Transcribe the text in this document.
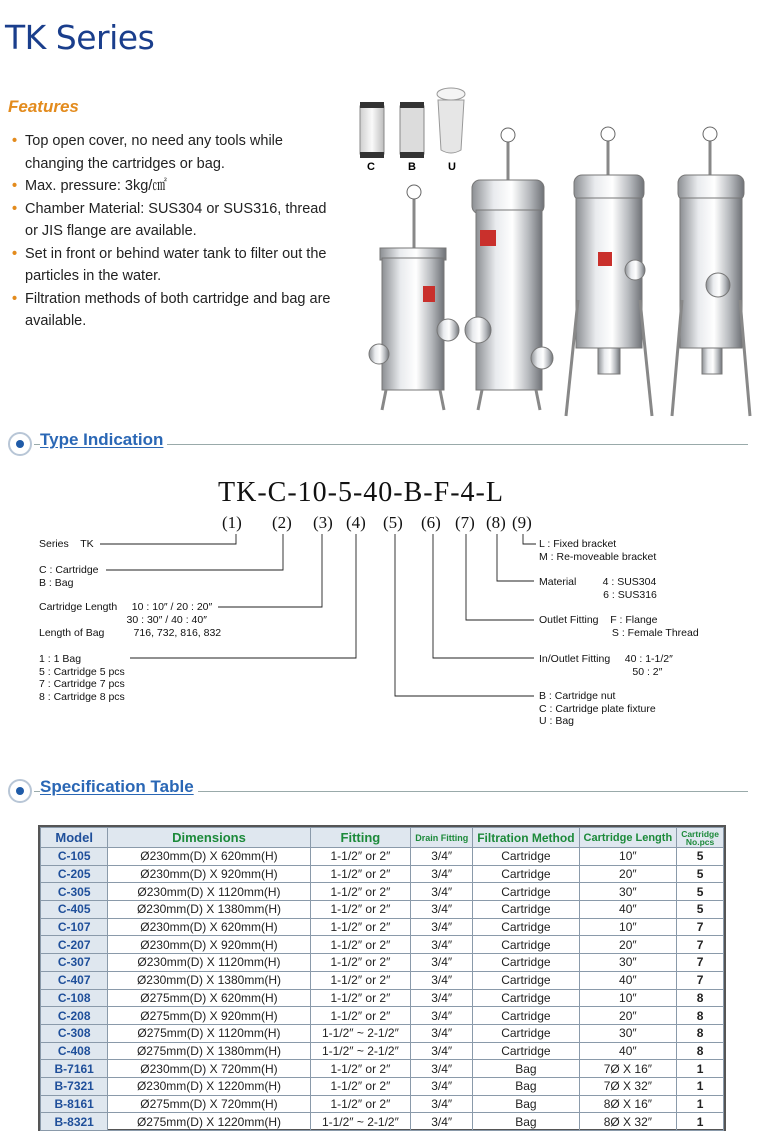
TK Series
Features
• Top open cover, no need any tools while changing the cartridges or bag.
• Max. pressure: 3kg/㎠
• Chamber Material: SUS304 or SUS316, thread or JIS flange are available.
• Set in front or behind water tank to filter out the particles in the water.
• Filtration methods of both cartridge and bag are available.
C	B	U
Type Indication
TK-C-10-5-40-B-F-4-L
(1) (2) (3) (4) (5) (6) (7) (8) (9)
Series    TK
C : Cartridge
B : Bag
Cartridge Length     10 : 10″ / 20 : 20″
30 : 30″ / 40 : 40″
Length of Bag          716, 732, 816, 832
1 : 1 Bag
5 : Cartridge 5 pcs
7 : Cartridge 7 pcs
8 : Cartridge 8 pcs
L : Fixed bracket
M : Re-moveable bracket
Material         4 : SUS304
6 : SUS316
Outlet Fitting    F : Flange
S : Female Thread
In/Outlet Fitting     40 : 1-1/2″
50 : 2″
B : Cartridge nut
C : Cartridge plate fixture
U : Bag
Specification Table
Model	Dimensions	Fitting	Drain Fitting	Filtration Method	Cartridge Length	Cartridge No.pcs
C-105	Ø230mm(D) X 620mm(H)	1-1/2″ or 2″	3/4″	Cartridge	10″	5
C-205	Ø230mm(D) X 920mm(H)	1-1/2″ or 2″	3/4″	Cartridge	20″	5
C-305	Ø230mm(D) X 1120mm(H)	1-1/2″ or 2″	3/4″	Cartridge	30″	5
C-405	Ø230mm(D) X 1380mm(H)	1-1/2″ or 2″	3/4″	Cartridge	40″	5
C-107	Ø230mm(D) X 620mm(H)	1-1/2″ or 2″	3/4″	Cartridge	10″	7
C-207	Ø230mm(D) X 920mm(H)	1-1/2″ or 2″	3/4″	Cartridge	20″	7
C-307	Ø230mm(D) X 1120mm(H)	1-1/2″ or 2″	3/4″	Cartridge	30″	7
C-407	Ø230mm(D) X 1380mm(H)	1-1/2″ or 2″	3/4″	Cartridge	40″	7
C-108	Ø275mm(D) X 620mm(H)	1-1/2″ or 2″	3/4″	Cartridge	10″	8
C-208	Ø275mm(D) X 920mm(H)	1-1/2″ or 2″	3/4″	Cartridge	20″	8
C-308	Ø275mm(D) X 1120mm(H)	1-1/2″ ~ 2-1/2″	3/4″	Cartridge	30″	8
C-408	Ø275mm(D) X 1380mm(H)	1-1/2″ ~ 2-1/2″	3/4″	Cartridge	40″	8
B-7161	Ø230mm(D) X 720mm(H)	1-1/2″ or 2″	3/4″	Bag	7Ø X 16″	1
B-7321	Ø230mm(D) X 1220mm(H)	1-1/2″ or 2″	3/4″	Bag	7Ø X 32″	1
B-8161	Ø275mm(D) X 720mm(H)	1-1/2″ or 2″	3/4″	Bag	8Ø X 16″	1
B-8321	Ø275mm(D) X 1220mm(H)	1-1/2″ ~ 2-1/2″	3/4″	Bag	8Ø X 32″	1
